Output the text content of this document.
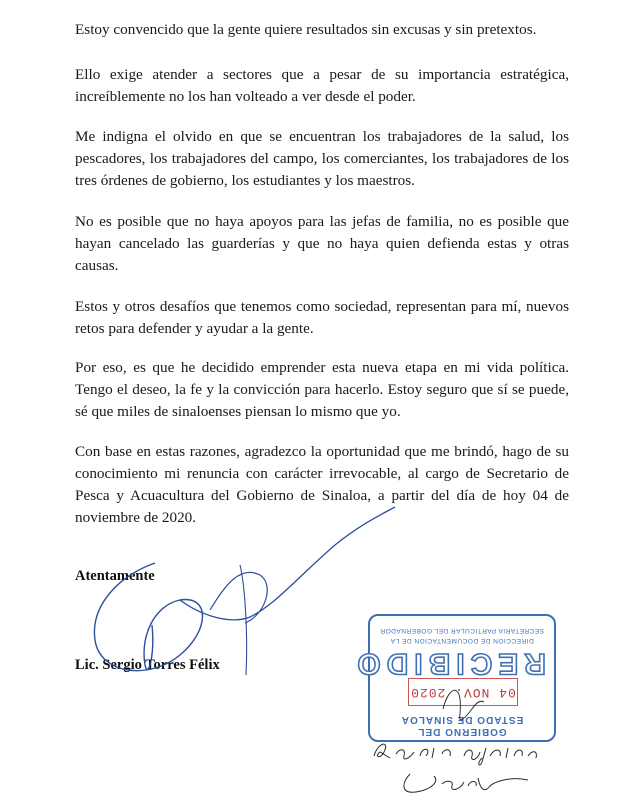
Estoy convencido que la gente quiere resultados sin excusas y sin pretextos.

Ello exige atender a sectores que a pesar de su importancia estratégica, increíblemente no los han volteado a ver desde el poder.

Me indigna el olvido en que se encuentran los trabajadores de la salud, los pescadores, los trabajadores del campo, los comerciantes, los trabajadores de los tres órdenes de gobierno, los estudiantes y los maestros.

No es posible que no haya apoyos para las jefas de familia, no es posible que hayan cancelado las guarderías y que no haya quien defienda estas y otras causas.

Estos y otros desafíos que tenemos como sociedad, representan para mí, nuevos retos para defender y ayudar a la gente.

Por eso, es que he decidido emprender esta nueva etapa en mi vida política. Tengo el deseo, la fe y la convicción para hacerlo. Estoy seguro que sí se puede, sé que miles de sinaloenses piensan lo mismo que yo.

Con base en estas razones, agradezco la oportunidad que me brindó, hago de su conocimiento mi renuncia con carácter irrevocable, al cargo de Secretario de Pesca y Acuacultura del Gobierno de Sinaloa, a partir del día de hoy 04 de noviembre de 2020.

Atentamente
Lic. Sergio Torres Félix
GOBIERNO DEL
ESTADO DE SINALOA
04 NOV. 2020
RECIBIDO
DIRECCION DE DOCUMENTACION DE LA
SECRETARIA PARTICULAR DEL GOBERNADOR
